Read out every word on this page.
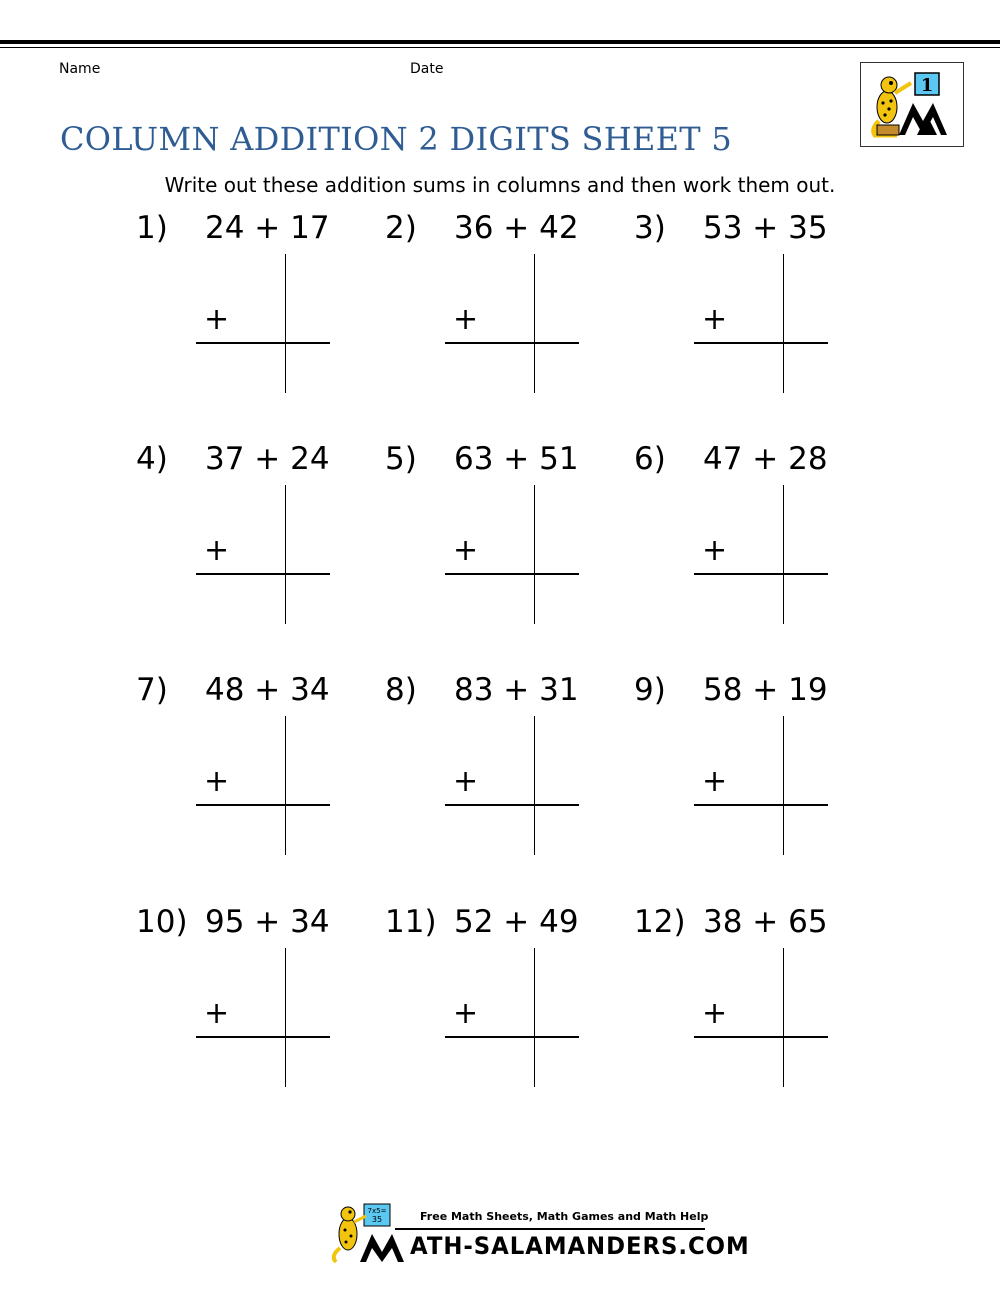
Name	Date
1
COLUMN ADDITION 2 DIGITS SHEET 5
Write out these addition sums in columns and then work them out.
1) 24 + 17
+
2) 36 + 42
+
3) 53 + 35
+
4) 37 + 24
+
5) 63 + 51
+
6) 47 + 28
+
7) 48 + 34
+
8) 83 + 31
+
9) 58 + 19
+
10) 95 + 34
+
11) 52 + 49
+
12) 38 + 65
+
7x5=
35	Free Math Sheets, Math Games and Math Help
ATH-SALAMANDERS.COM
